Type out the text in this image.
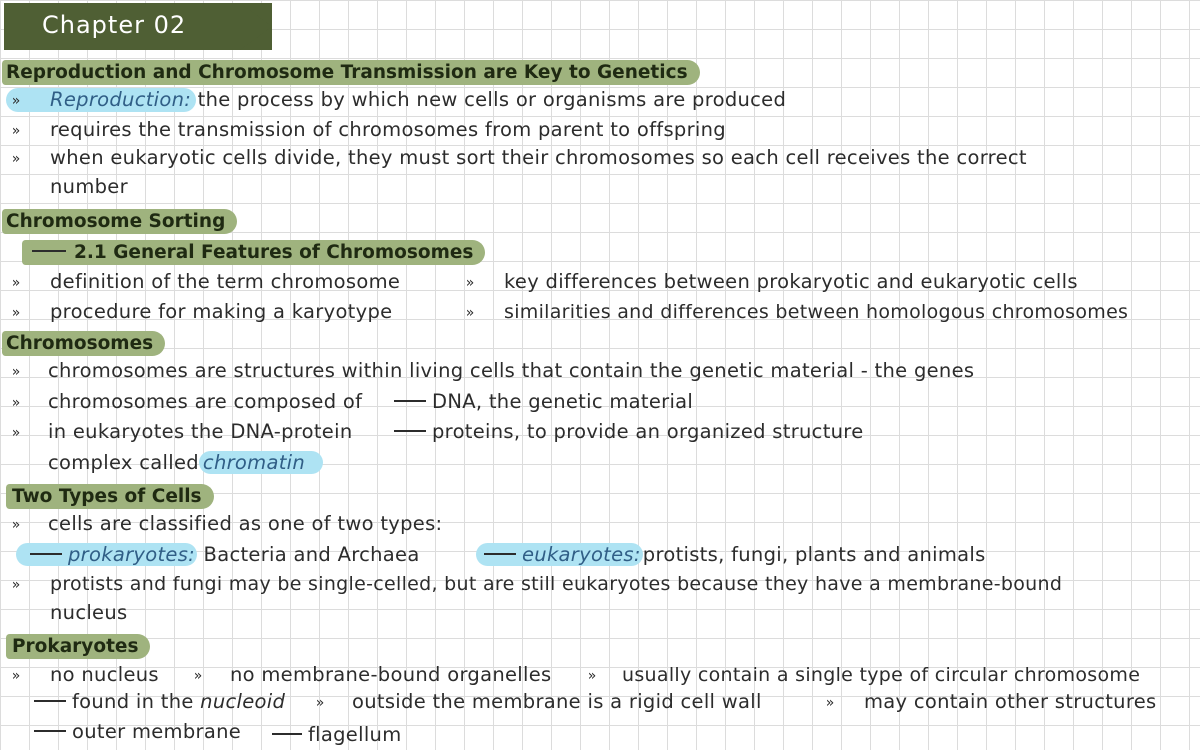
Chapter 02
Reproduction and Chromosome Transmission are Key to Genetics
» Reproduction: the process by which new cells or organisms are produced
» requires the transmission of chromosomes from parent to offspring
» when eukaryotic cells divide, they must sort their chromosomes so each cell receives the correct
number
Chromosome Sorting
2.1 General Features of Chromosomes
» definition of the term chromosome	» key differences between prokaryotic and eukaryotic cells
» procedure for making a karyotype	» similarities and differences between homologous chromosomes
Chromosomes
» chromosomes are structures within living cells that contain the genetic material - the genes
» chromosomes are composed of	DNA, the genetic material
» in eukaryotes the DNA-protein	proteins, to provide an organized structure
complex called chromatin
Two Types of Cells
» cells are classified as one of two types:
prokaryotes: Bacteria and Archaea	eukaryotes: protists, fungi, plants and animals
» protists and fungi may be single-celled, but are still eukaryotes because they have a membrane-bound
nucleus
Prokaryotes
» no nucleus » no membrane-bound organelles	» usually contain a single type of circular chromosome
found in the nucleoid » outside the membrane is a rigid cell wall	» may contain other structures
outer membrane	flagellum
